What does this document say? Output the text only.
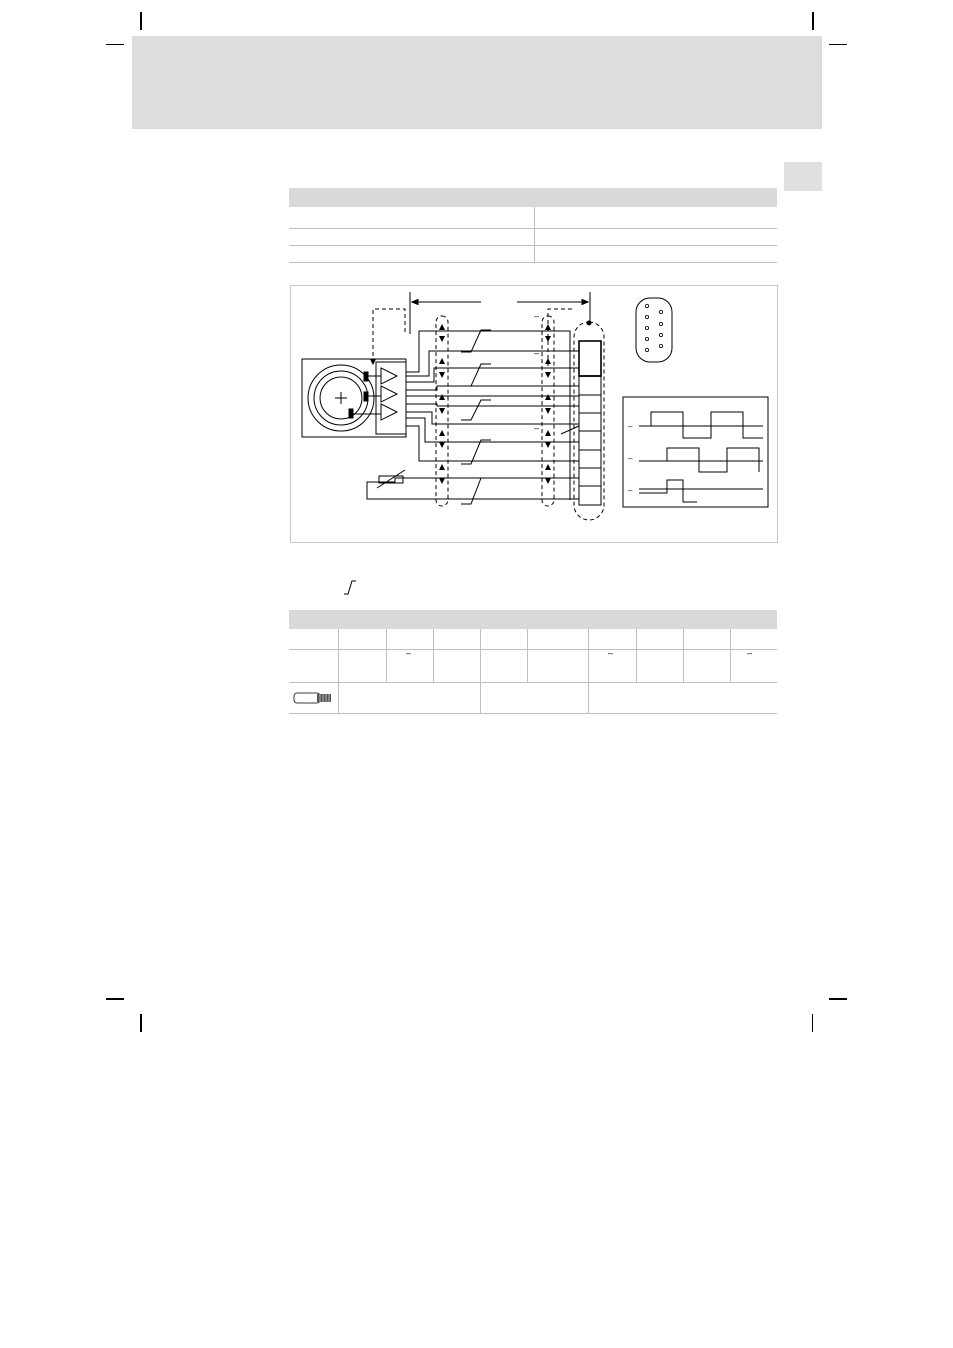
–
–
–	–
–
–
–	–	–
